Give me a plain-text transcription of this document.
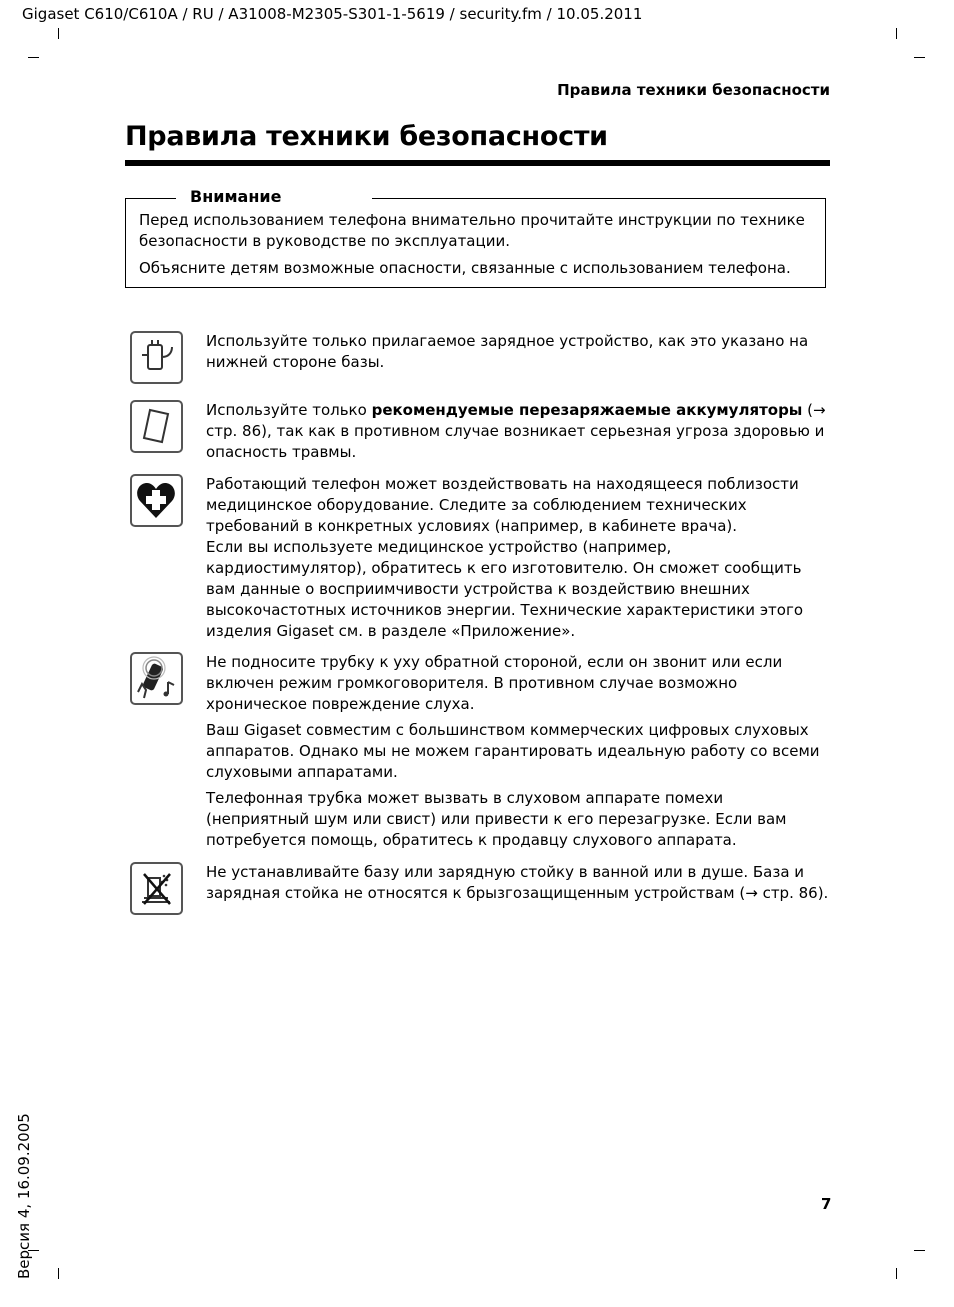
Gigaset C610/C610A / RU / A31008-M2305-S301-1-5619 / security.fm / 10.05.2011
Правила техники безопасности
Правила техники безопасности
Внимание

Перед использованием телефона внимательно прочитайте инструкции по технике безопасности в руководстве по эксплуатации.

Объясните детям возможные опасности, связанные с использованием телефона.

Используйте только прилагаемое зарядное устройство, как это указано на нижней стороне базы.

Используйте только рекомендуемые перезаряжаемые аккумуляторы (→ стр. 86), так как в противном случае возникает серьезная угроза здоровью и опасность травмы.

Работающий телефон может воздействовать на находящееся поблизости медицинское оборудование. Следите за соблюдением технических требований в конкретных условиях (например, в кабинете врача).
Если вы используете медицинское устройство (например, кардиостимулятор), обратитесь к его изготовителю. Он сможет сообщить вам данные о восприимчивости устройства к воздействию внешних высокочастотных источников энергии. Технические характеристики этого изделия Gigaset см. в разделе «Приложение».

Не подносите трубку к уху обратной стороной, если он звонит или если включен режим громкоговорителя. В противном случае возможно хроническое повреждение слуха.

Ваш Gigaset совместим с большинством коммерческих цифровых слуховых аппаратов. Однако мы не можем гарантировать идеальную работу со всеми слуховыми аппаратами.

Телефонная трубка может вызвать в слуховом аппарате помехи (неприятный шум или свист) или привести к его перезагрузке. Если вам потребуется помощь, обратитесь к продавцу слухового аппарата.

Не устанавливайте базу или зарядную стойку в ванной или в душе. База и зарядная стойка не относятся к брызгозащищенным устройствам (→ стр. 86).

7
Версия 4, 16.09.2005
